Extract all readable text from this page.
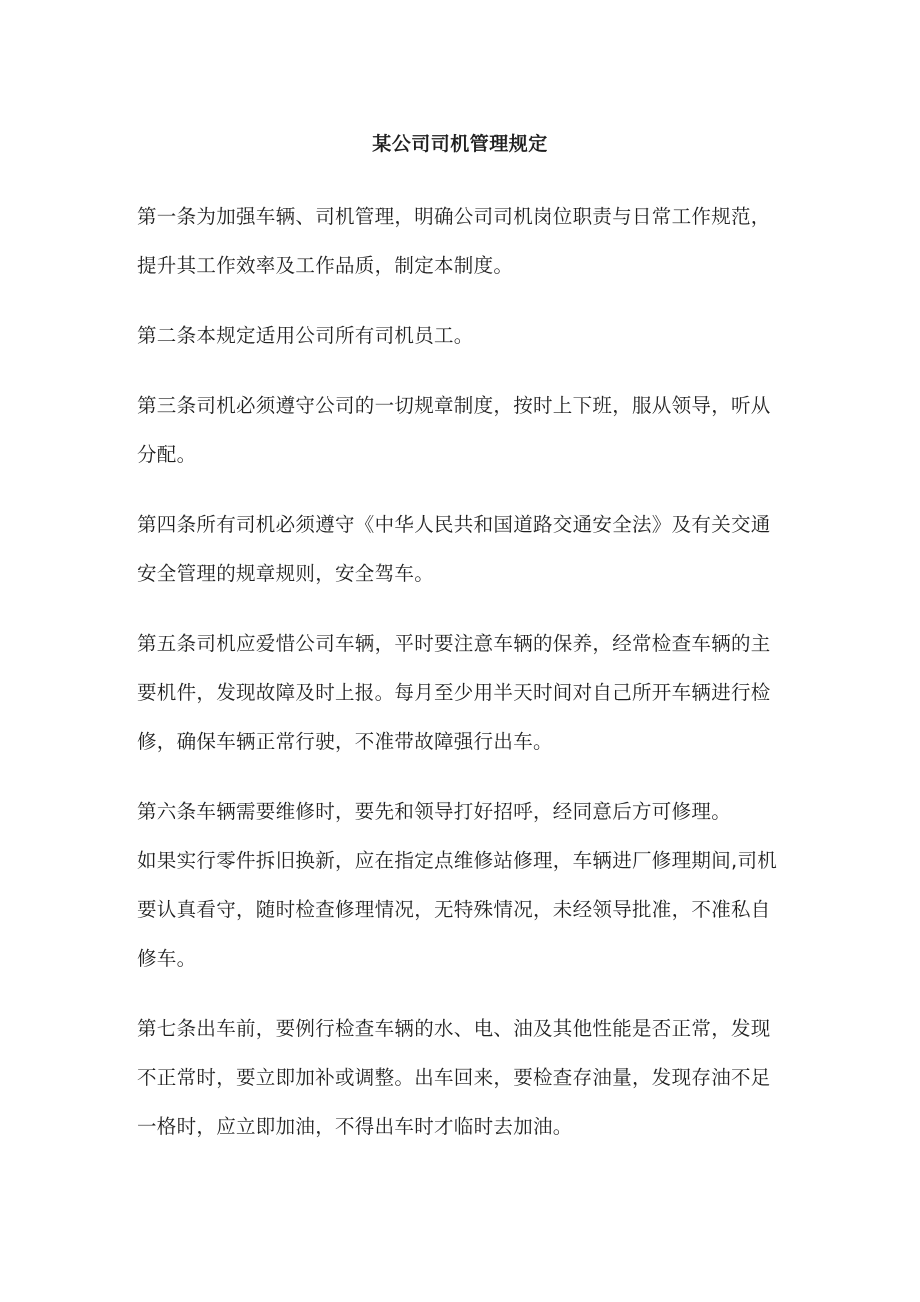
某公司司机管理规定

第一条为加强车辆、司机管理，明确公司司机岗位职责与日常工作规范，提升其工作效率及工作品质，制定本制度。

第二条本规定适用公司所有司机员工。

第三条司机必须遵守公司的一切规章制度，按时上下班，服从领导，听从分配。

第四条所有司机必须遵守《中华人民共和国道路交通安全法》及有关交通安全管理的规章规则，安全驾车。

第五条司机应爱惜公司车辆，平时要注意车辆的保养，经常检查车辆的主要机件，发现故障及时上报。每月至少用半天时间对自己所开车辆进行检修，确保车辆正常行驶，不准带故障强行出车。

第六条车辆需要维修时，要先和领导打好招呼，经同意后方可修理。

如果实行零件拆旧换新，应在指定点维修站修理，车辆进厂修理期间,司机要认真看守，随时检查修理情况，无特殊情况，未经领导批准，不准私自修车。

第七条出车前，要例行检查车辆的水、电、油及其他性能是否正常，发现不正常时，要立即加补或调整。出车回来，要检查存油量，发现存油不足一格时，应立即加油，不得出车时才临时去加油。
